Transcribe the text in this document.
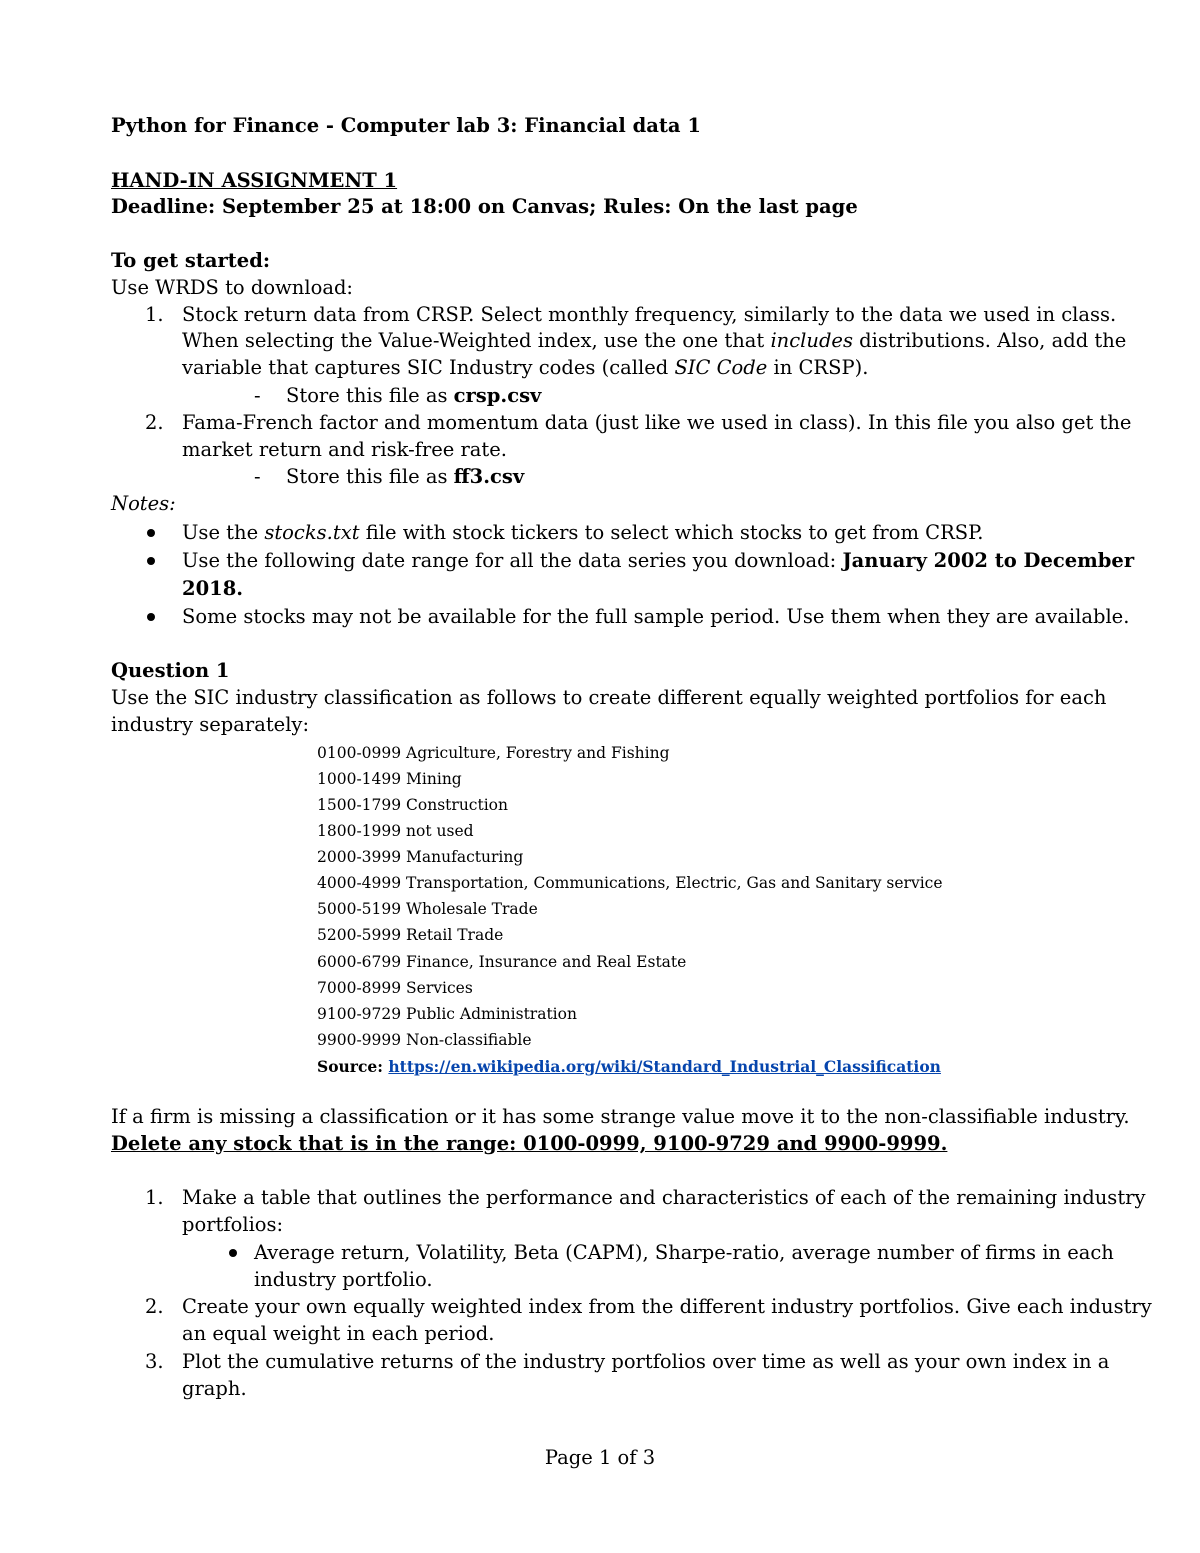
Python for Finance - Computer lab 3: Financial data 1
HAND-IN ASSIGNMENT 1
Deadline: September 25 at 18:00 on Canvas; Rules: On the last page
To get started:
Use WRDS to download:
1. Stock return data from CRSP. Select monthly frequency, similarly to the data we used in class.
When selecting the Value-Weighted index, use the one that includes distributions. Also, add the
variable that captures SIC Industry codes (called SIC Code in CRSP).
- Store this file as crsp.csv
2. Fama-French factor and momentum data (just like we used in class). In this file you also get the
market return and risk-free rate.
- Store this file as ff3.csv
Notes:
Use the stocks.txt file with stock tickers to select which stocks to get from CRSP.
Use the following date range for all the data series you download: January 2002 to December
2018.
Some stocks may not be available for the full sample period. Use them when they are available.
Question 1
Use the SIC industry classification as follows to create different equally weighted portfolios for each
industry separately:
0100-0999 Agriculture, Forestry and Fishing
1000-1499 Mining
1500-1799 Construction
1800-1999 not used
2000-3999 Manufacturing
4000-4999 Transportation, Communications, Electric, Gas and Sanitary service
5000-5199 Wholesale Trade
5200-5999 Retail Trade
6000-6799 Finance, Insurance and Real Estate
7000-8999 Services
9100-9729 Public Administration
9900-9999 Non-classifiable
Source: https://en.wikipedia.org/wiki/Standard_Industrial_Classification
If a firm is missing a classification or it has some strange value move it to the non-classifiable industry.
Delete any stock that is in the range: 0100-0999, 9100-9729 and 9900-9999.
1. Make a table that outlines the performance and characteristics of each of the remaining industry
portfolios:
Average return, Volatility, Beta (CAPM), Sharpe-ratio, average number of firms in each
industry portfolio.
2. Create your own equally weighted index from the different industry portfolios. Give each industry
an equal weight in each period.
3. Plot the cumulative returns of the industry portfolios over time as well as your own index in a
graph.
Page 1 of 3
